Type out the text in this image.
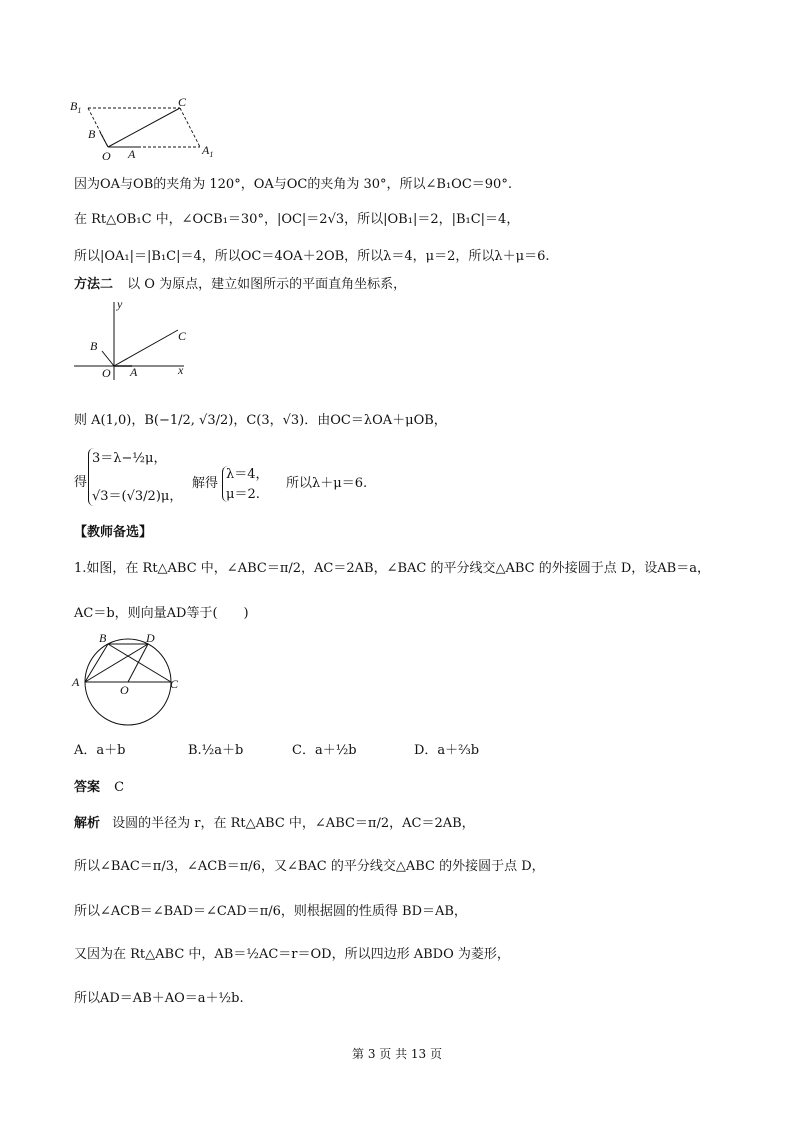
$B_1$
C
B
O A	$A_1$
因为OA与OB的夹角为 120°，OA与OC的夹角为 30°，所以∠B₁OC＝90°.
在 Rt△OB₁C 中，∠OCB₁＝30°，|OC|＝2√3，所以|OB₁|＝2，|B₁C|＝4，
所以|OA₁|＝|B₁C|＝4，所以OC＝4OA＋2OB，所以λ＝4，μ＝2，所以λ＋μ＝6.
方法二 以 O 为原点，建立如图所示的平面直角坐标系，
y
x
O A
B
C
则 A(1,0)，B(−1/2, √3/2)，C(3，√3)．由OC＝λOA＋μOB，
得
3＝λ−½μ，
√3＝(√3/2)μ，
解得
λ＝4，
μ＝2.
所以λ＋μ＝6.
【教师备选】
1.如图，在 Rt△ABC 中，∠ABC＝π/2，AC＝2AB，∠BAC 的平分线交△ABC 的外接圆于点 D，设AB＝a，
AC＝b，则向量AD等于(　　)
A
B	D
C
O
A．a＋b	B.½a＋b	C．a＋½b	D．a＋⅔b
答案 C
解析 设圆的半径为 r，在 Rt△ABC 中，∠ABC＝π/2，AC＝2AB，
所以∠BAC＝π/3，∠ACB＝π/6，又∠BAC 的平分线交△ABC 的外接圆于点 D，
所以∠ACB＝∠BAD＝∠CAD＝π/6，则根据圆的性质得 BD＝AB，
又因为在 Rt△ABC 中，AB＝½AC＝r＝OD，所以四边形 ABDO 为菱形，
所以AD＝AB＋AO＝a＋½b.
第 3 页 共 13 页
